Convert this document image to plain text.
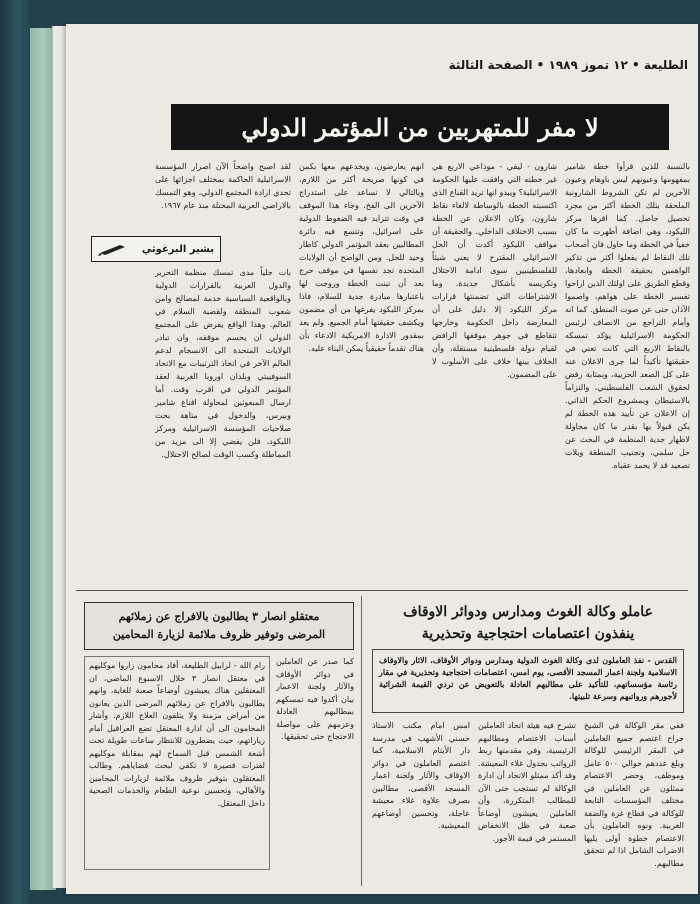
الطليعة • ١٢ تموز ١٩٨٩ • الصفحة الثالثة
لا مفر للمتهربين من المؤتمر الدولي

بالنسبة للذين قرأوا خطة شامير بمفهومها وعيونهم ليس باوهام وعيون الآخرين لم تكن الشروط الشارونية الملحقة بتلك الخطة أكثر من مجرد تحصيل حاصل. كما اقرها مركز الليكود، وهي اضافة أظهرت ما كان خفياً في الخطة وما حاول فان أصحاب تلك النقاط لم يفعلوا أكثر من تذكير الواهمين بحقيقة الخطة وابعادها، وقطع الطريق على اولئك الذين اراحوا تفسير الخطة على هواهم، واصموا الآذان حتى عن صوت المنطق. كما انه وأمام التراجع من الانصاف لرئيس الحكومة الاسرائيلية يؤكد تمسكه بالنقاط الاربع التي كانت تعني في حقيقتها تأكيداً لما جرى الاعلان عنه على كل الصعد الحزبية، وبمثابة رفض لحقوق الشعب الفلسطيني، والتزاماً بالاستيطان وبمشروع الحكم الذاتي. إن الاعلان عن تأييد هذه الخطة لم يكن قبولاً بها بقدر ما كان محاولة لاظهار جدية المنظمة في البحث عن حل سلمي، وتجنيب المنطقة ويلات تصعيد قد لا يحمد عقباه.

شارون - ليفي - موداعي الاربع هي غير خطته التي وافقت عليها الحكومة الاسرائيلية؟ ويبدو انها تريد القناع الذي اكتسبته الخطة بالوساطة لالغاء نقاط شارون، وكان الاعلان عن الخطة بسبب الاختلاف الداخلي. والحقيقة أن مواقف الليكود أكدت أن الحل الاسرائيلي المقترح لا يعني شيئاً للفلسطينيين سوى ادامة الاحتلال وتكريسه بأشكال جديدة. وما الاشتراطات التي تضمنتها قرارات مركز الليكود إلا دليل على أن المعارضة داخل الحكومة وخارجها تتقاطع في جوهر موقفها الرافض لقيام دولة فلسطينية مستقلة، وأن الخلاف بينها خلاف على الأسلوب لا على المضمون.

انهم يعارضون، ويخدعهم معها بكمن في كونها صريحة أكثر من اللازم، وبالتالي لا تساعد على استدراج الآخرين الى الفخ. وجاء هذا الموقف في وقت تتزايد فيه الضغوط الدولية على اسرائيل، وتتسع فيه دائرة المطالبين بعقد المؤتمر الدولي كاطار وحيد للحل. ومن الواضح أن الولايات المتحدة تجد نفسها في موقف حرج بعد أن تبنت الخطة وروجت لها باعتبارها مبادرة جدية للسلام، فاذا بمركز الليكود يفرغها من أي مضمون ويكشف حقيقتها أمام الجميع. ولم يعد بمقدور الادارة الامريكية الادعاء بأن هناك تقدماً حقيقياً يمكن البناء عليه.

لقد اصبح واضحاً الآن اصرار المؤسسة الاسرائيلية الحاكمة بمختلف اجزائها على تحدي ارادة المجتمع الدولي، وهو التمسك بالاراضي العربية المحتلة منذ عام ١٩٦٧.

بات جلياً مدى تمسك منظمة التحرير والدول العربية بالقرارات الدولية وبالواقعية السياسية خدمة لمصالح وامن شعوب المنطقة ولقضية السلام في العالم. وهذا الواقع يفرض على المجتمع الدولي ان يحسم موقفه، وان تبادر الولايات المتحدة الى الانسجام لدعم العالم الآخر في اتخاذ الترتيبات مع الاتحاد السوفييتي وبلدان اوروبا الغربية لعقد المؤتمر الدولي في اقرب وقت. أما ارسال المبعوثين لمحاولة اقناع شامير وبيرس، والدخول في متاهة بحث صلاحيات المؤسسة الاسرائيلية ومركز الليكود، فلن يفضي إلا الى مزيد من المماطلة وكسب الوقت لصالح الاحتلال.

بشير البرغوثي
عاملو وكالة الغوث ومدارس ودوائر الاوقاف
ينفذون اعتصامات احتجاجية وتحذيرية
القدس - نفذ العاملون لدى وكالة الغوث الدولية ومدارس ودوائر الأوقاف، الاثار والاوقاف الاسلامية ولجنة اعمار المسجد الأقصى، يوم امس، اعتصامات احتجاجية وتحذيرية في مقار رئاسة مؤسساتهم، للتأكيد على مطالبهم العادلة بالتعويض عن تردي القيمة الشرائية لأجورهم ورواتبهم وسرعة تلبيتها.
ففي مقر الوكالة في الشيخ جراح اعتصم جميع العاملين في المقر الرئيسي للوكالة وبلغ عددهم حوالي ٥٠٠ عامل وموظف، وحضر الاعتصام ممثلون عن العاملين في مختلف المؤسسات التابعة للوكالة في قطاع غزة والضفة الغربية. ونوه العاملون بأن الاعتصام خطوة أولى يليها الاضراب الشامل اذا لم تتحقق مطالبهم.
تشرح فيه هيئة اتحاد العاملين أسباب الاعتصام ومطالبهم الرئيسية، وفي مقدمتها ربط الرواتب بجدول غلاء المعيشة. وقد أكد ممثلو الاتحاد أن ادارة الوكالة لم تستجب حتى الآن للمطالب المتكررة، وأن العاملين يعيشون أوضاعاً صعبة في ظل الانخفاض المستمر في قيمة الأجور.
امس امام مكتب الاستاذ حسني الأشهب في مدرسة دار الأيتام الاسلامية، كما اعتصم العاملون في دوائر الاوقاف والآثار ولجنة اعمار المسجد الأقصى، مطالبين بصرف علاوة غلاء معيشة عاجلة، وتحسين أوضاعهم المعيشية.
معتقلو انصار ٣ يطالبون بالافراج عن زملائهم
المرضى وتوفير ظروف ملائمة لزيارة المحامين
رام الله - لرابيل الطليعة، أفاد محامون زاروا موكليهم في معتقل انصار ٣ خلال الاسبوع الماضي، ان المعتقلين هناك يعيشون أوضاعاً صعبة للغاية، وانهم يطالبون بالافراج عن زملائهم المرضى الذين يعانون من أمراض مزمنة ولا يتلقون العلاج اللازم. وأشار المحامون الى أن ادارة المعتقل تضع العراقيل أمام زياراتهم، حيث يضطرون للانتظار ساعات طويلة تحت أشعة الشمس قبل السماح لهم بمقابلة موكليهم لفترات قصيرة لا تكفي لبحث قضاياهم. وطالب المعتقلون بتوفير ظروف ملائمة لزيارات المحامين والأهالي، وتحسين نوعية الطعام والخدمات الصحية داخل المعتقل.
كما صدر عن العاملين في دوائر الأوقاف والآثار ولجنة الاعمار بيان أكدوا فيه تمسكهم بمطالبهم العادلة وعزمهم على مواصلة الاحتجاج حتى تحقيقها.
